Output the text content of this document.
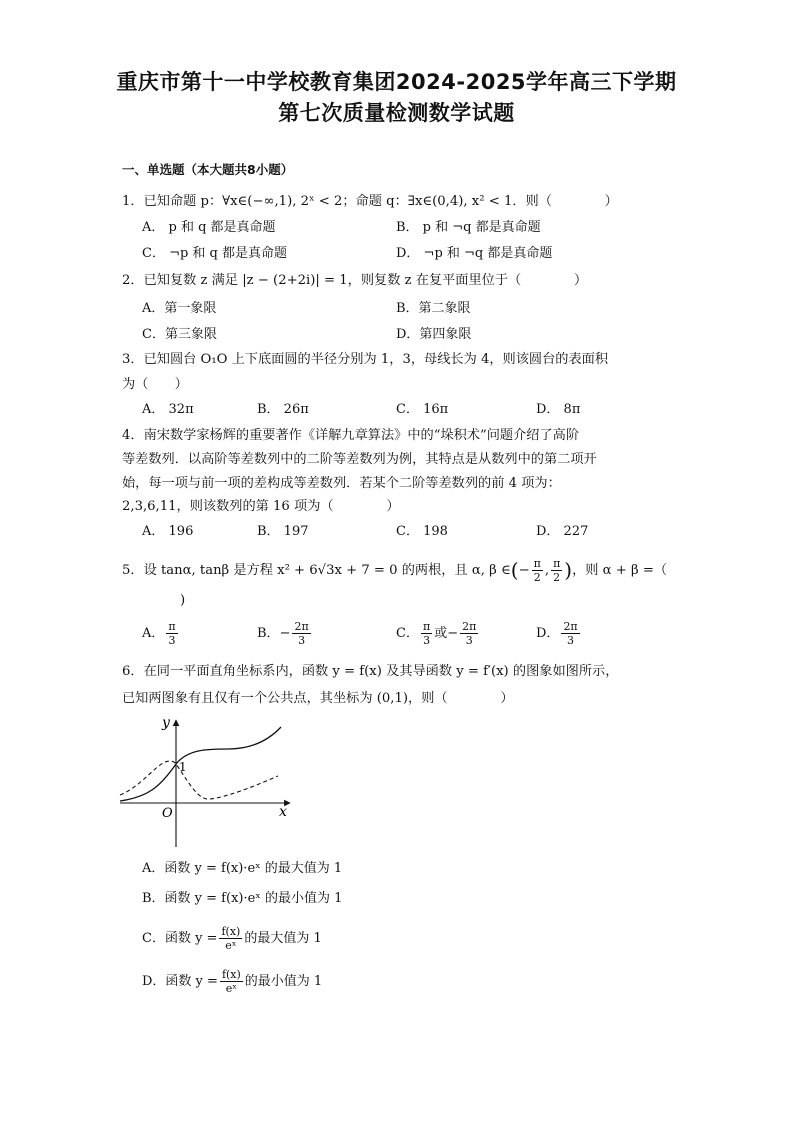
重庆市第十一中学校教育集团2024-2025学年高三下学期
第七次质量检测数学试题
一、单选题（本大题共8小题）
1．已知命题 p：∀x∈(−∞,1), 2ˣ < 2；命题 q：∃x∈(0,4), x² < 1．则（　　　　）
A． p 和 q 都是真命题	B． p 和 ¬q 都是真命题
C． ¬p 和 q 都是真命题	D． ¬p 和 ¬q 都是真命题
2．已知复数 z 满足 |z − (2+2i)| = 1，则复数 z 在复平面里位于（　　　　）
A．第一象限	B．第二象限
C．第三象限	D．第四象限
3．已知圆台 O₁O 上下底面圆的半径分别为 1，3，母线长为 4，则该圆台的表面积
为（　　）
A． 32π	B． 26π	C． 16π	D． 8π
4．南宋数学家杨辉的重要著作《详解九章算法》中的“垛积术”问题介绍了高阶
等差数列．以高阶等差数列中的二阶等差数列为例，其特点是从数列中的第二项开
始，每一项与前一项的差构成等差数列．若某个二阶等差数列的前 4 项为：
2,3,6,11，则该数列的第 16 项为（　　　　）
A． 196	B． 197	C． 198	D． 227
5．设 tanα, tanβ 是方程 x² + 6√3x + 7 = 0 的两根，且 α, β ∈(− $\frac{\pi}{2}$ , $\frac{\pi}{2}$ )，则 α + β =（
)
A． $\frac{\pi}{3}$	B．− $\frac{2\pi}{3}$	C． $\frac{\pi}{3}$ 或− $\frac{2\pi}{3}$	D． $\frac{2\pi}{3}$
6．在同一平面直角坐标系内，函数 y = f(x) 及其导函数 y = f′(x) 的图象如图所示，
已知两图象有且仅有一个公共点，其坐标为 (0,1)，则（　　　　）
y
x
O
1
A．函数 y = f(x)·eˣ 的最大值为 1
B．函数 y = f(x)·eˣ 的最小值为 1
C．函数 $y = \frac{f(x)}{\text{eˣ}}$ 的最大值为 1
D．函数 $y = \frac{f(x)}{\text{eˣ}}$ 的最小值为 1
